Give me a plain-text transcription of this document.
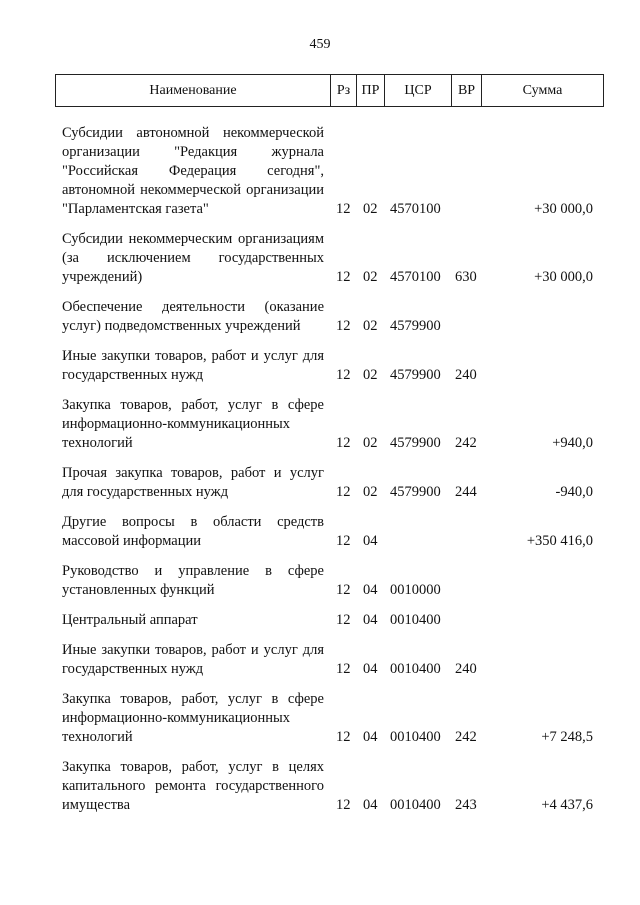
459
Наименование	Рз ПР	ЦСР	ВР	Сумма
Субсидии автономной некоммерческой организации "Редакция журнала "Российская Федерация сегодня", автономной некоммерческой организации "Парламентская газета"	12 02 4570100	+30 000,0
Субсидии некоммерческим организациям (за исключением государственных учреждений)	12 02 4570100 630	+30 000,0
Обеспечение деятельности (оказание услуг) подведомственных учреждений	12 02 4579900
Иные закупки товаров, работ и услуг для государственных нужд	12 02 4579900 240
Закупка товаров, работ, услуг в сфере информационно-коммуникационных технологий	12 02 4579900 242	+940,0
Прочая закупка товаров, работ и услуг для государственных нужд	12 02 4579900 244	-940,0
Другие вопросы в области средств массовой информации	12 04	+350 416,0
Руководство и управление в сфере установленных функций	12 04 0010000
Центральный аппарат	12 04 0010400
Иные закупки товаров, работ и услуг для государственных нужд	12 04 0010400 240
Закупка товаров, работ, услуг в сфере информационно-коммуникационных технологий	12 04 0010400 242	+7 248,5
Закупка товаров, работ, услуг в целях капитального ремонта государственного имущества	12 04 0010400 243	+4 437,6
